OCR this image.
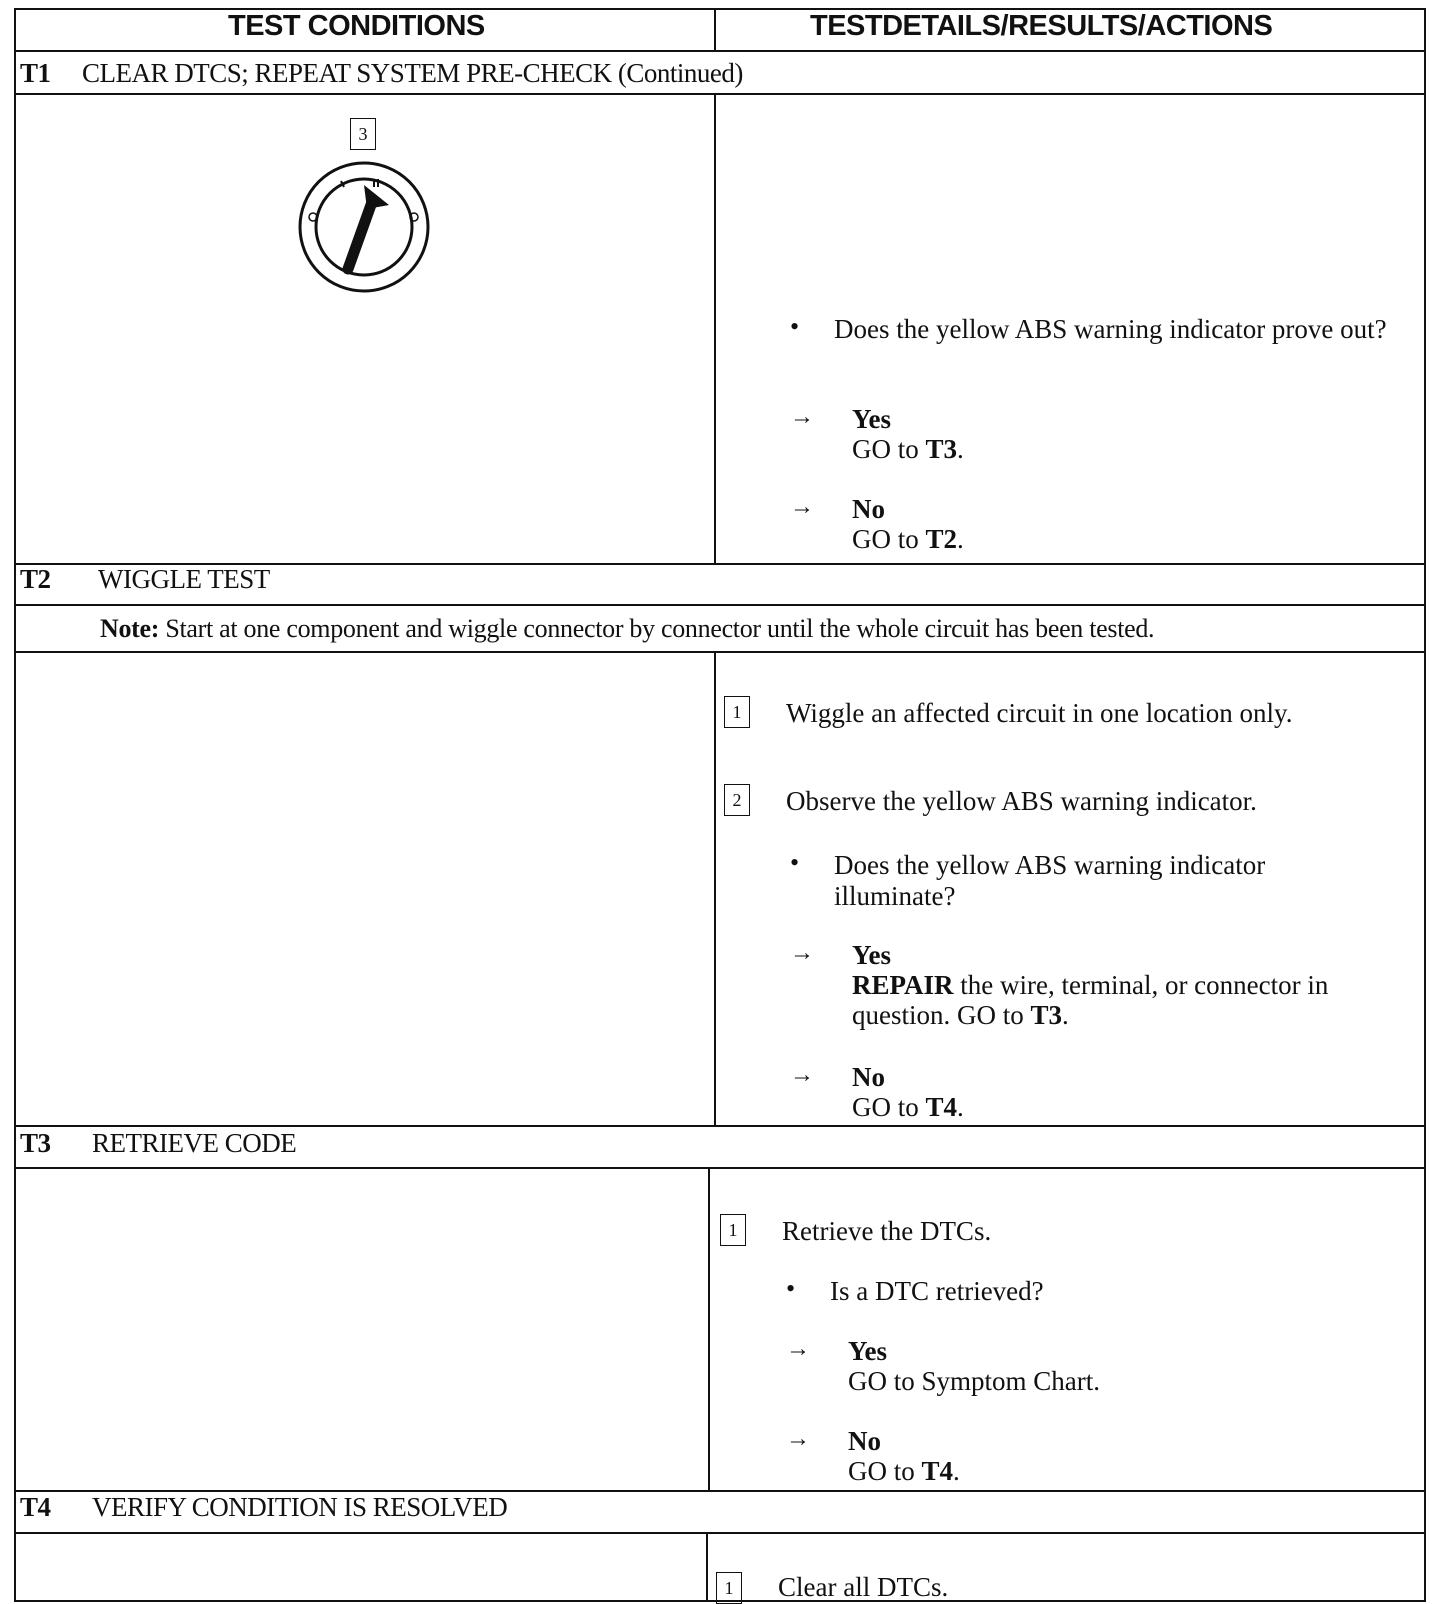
TEST CONDITIONS	TESTDETAILS/RESULTS/ACTIONS
T1 CLEAR DTCS; REPEAT SYSTEM PRE-CHECK (Continued)
3
• Does the yellow ABS warning indicator prove out?
→ Yes
GO to T3.
→ No
GO to T2.
T2 WIGGLE TEST
Note: Start at one component and wiggle connector by connector until the whole circuit has been tested.
1	Wiggle an affected circuit in one location only.
2	Observe the yellow ABS warning indicator.
• Does the yellow ABS warning indicator illuminate?
→ Yes
REPAIR the wire, terminal, or connector in question. GO to T3.
→ No
GO to T4.
T3 RETRIEVE CODE
1	Retrieve the DTCs.
• Is a DTC retrieved?
→ Yes
GO to Symptom Chart.
→ No
GO to T4.
T4 VERIFY CONDITION IS RESOLVED
1	Clear all DTCs.
